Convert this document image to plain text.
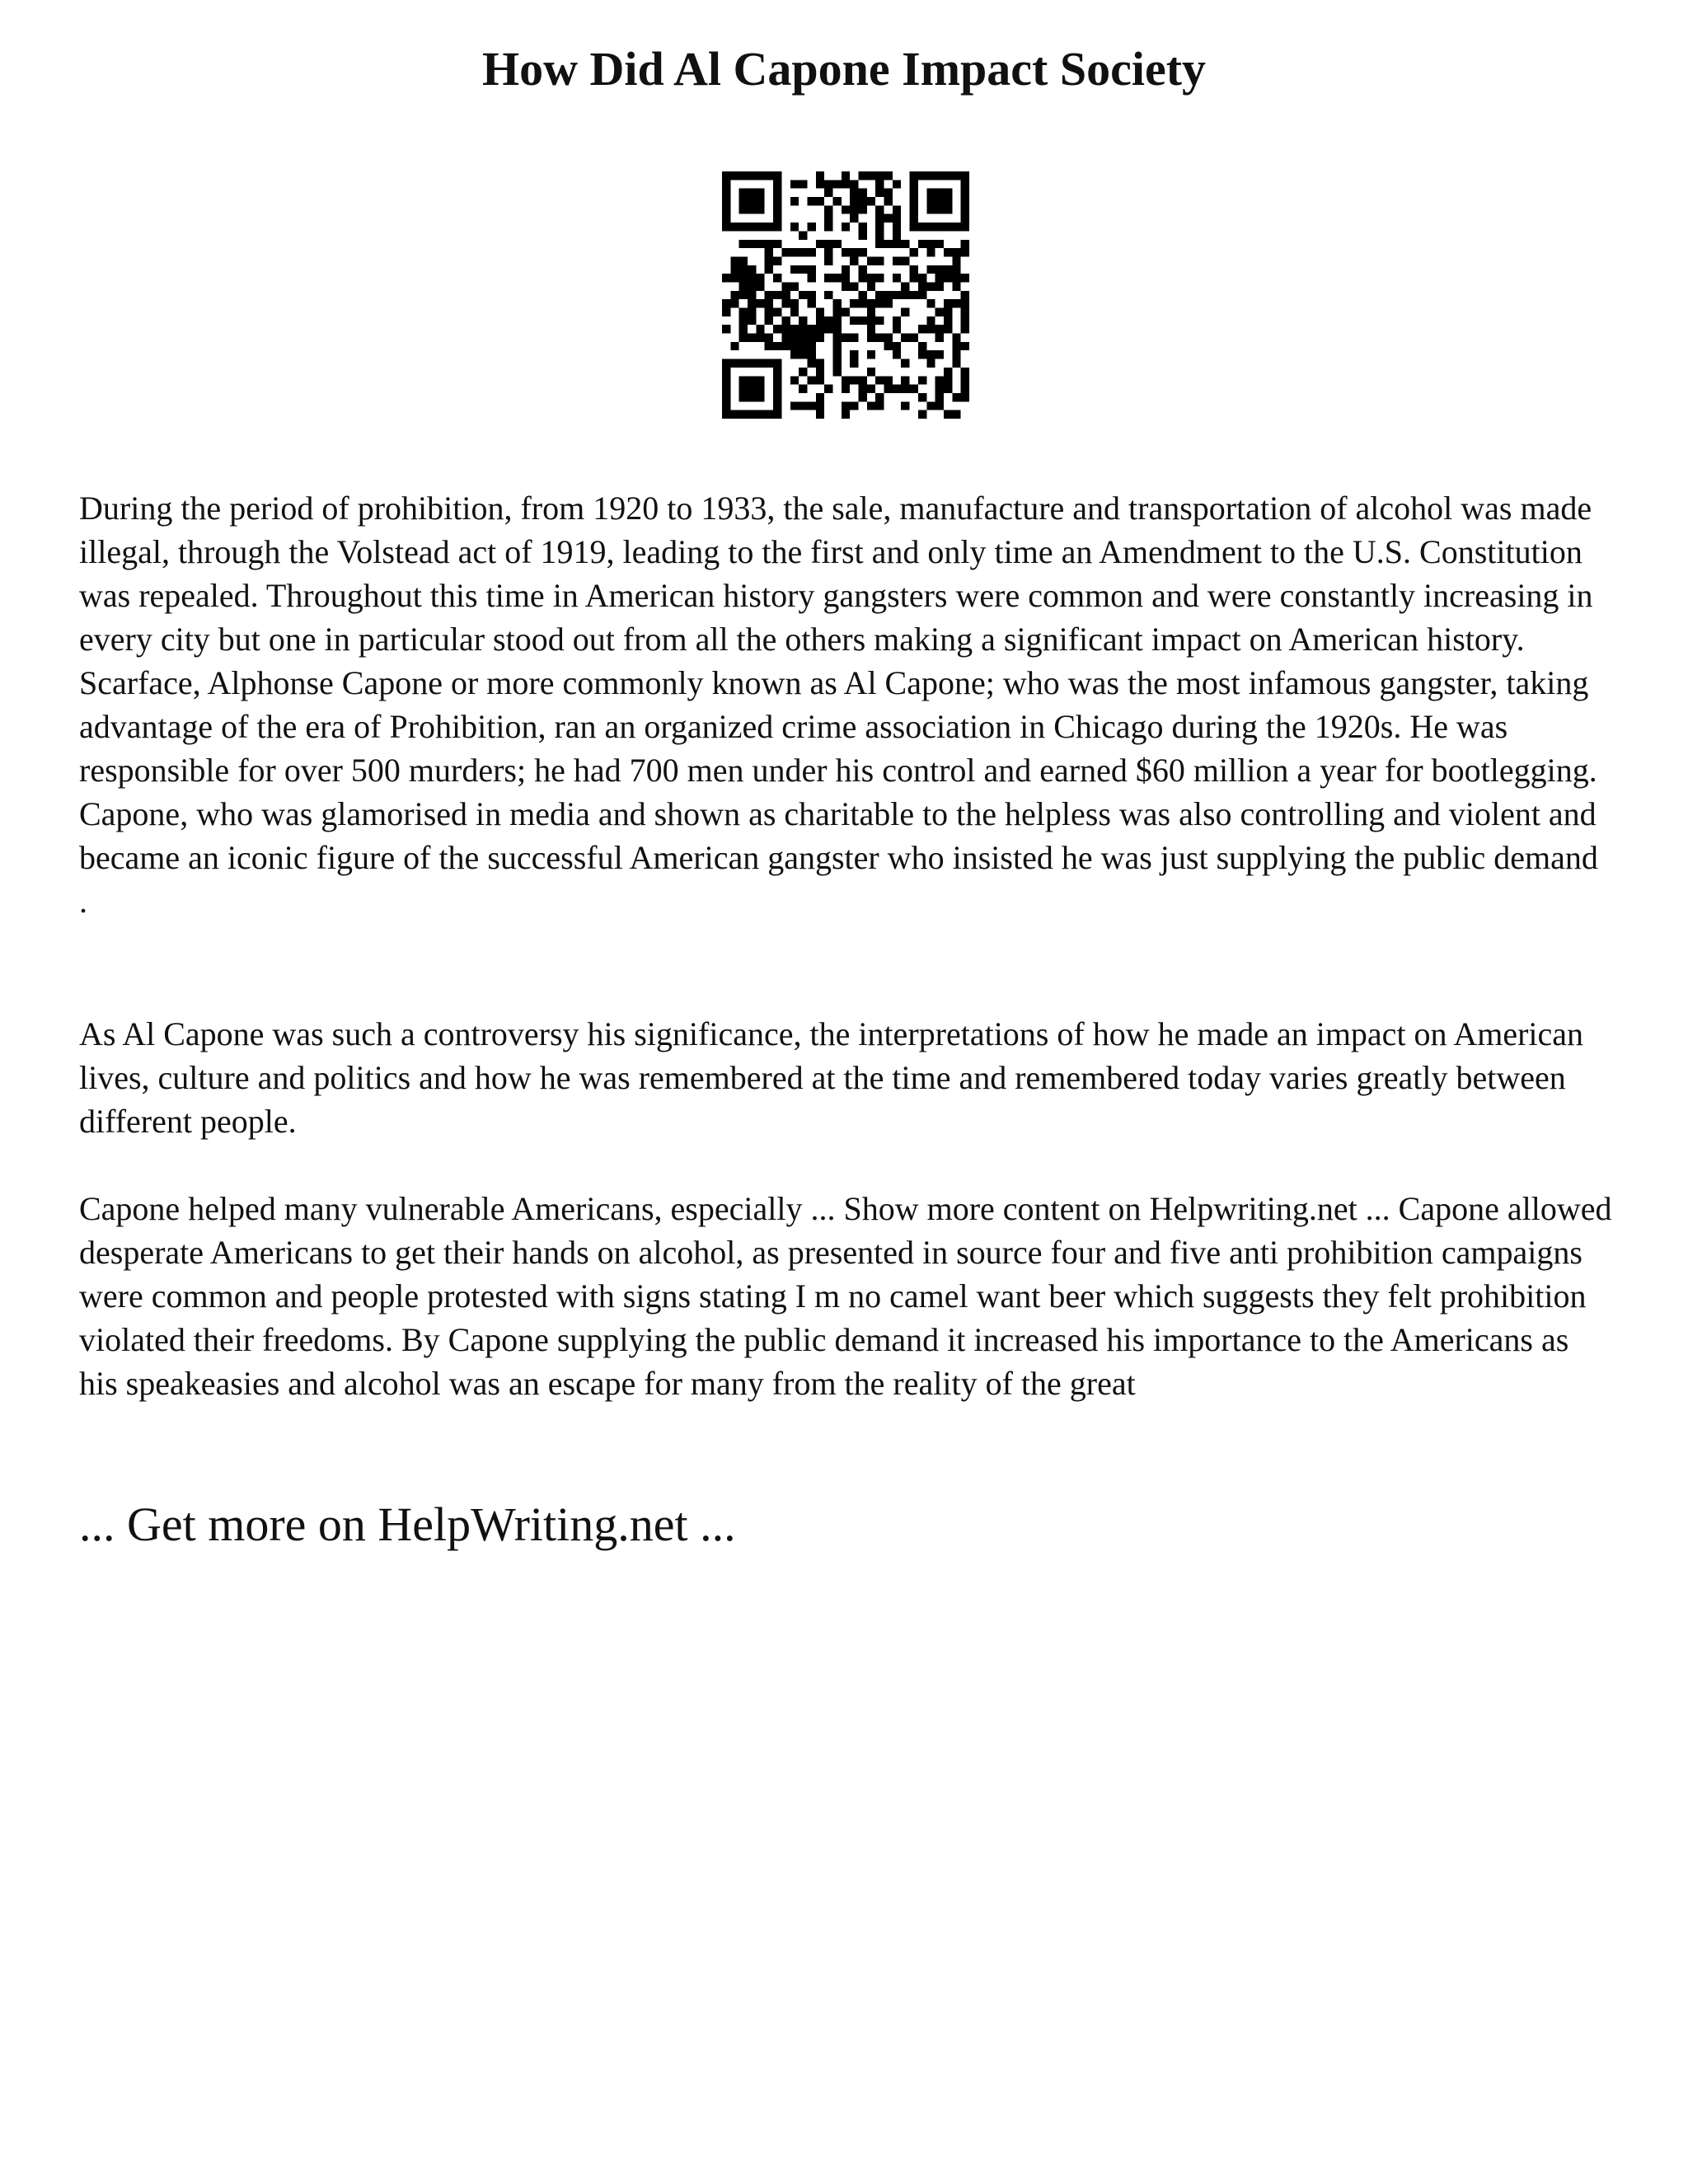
How Did Al Capone Impact Society

During the period of prohibition, from 1920 to 1933, the sale, manufacture and transportation of alcohol was made illegal, through the Volstead act of 1919, leading to the first and only time an Amendment to the U.S. Constitution was repealed. Throughout this time in American history gangsters were common and were constantly increasing in every city but one in particular stood out from all the others making a significant impact on American history. Scarface, Alphonse Capone or more commonly known as Al Capone; who was the most infamous gangster, taking advantage of the era of Prohibition, ran an organized crime association in Chicago during the 1920s. He was responsible for over 500 murders; he had 700 men under his control and earned $60 million a year for bootlegging. Capone, who was glamorised in media and shown as charitable to the helpless was also controlling and violent and became an iconic figure of the successful American gangster who insisted he was just supplying the public demand .

As Al Capone was such a controversy his significance, the interpretations of how he made an impact on American lives, culture and politics and how he was remembered at the time and remembered today varies greatly between different people.

Capone helped many vulnerable Americans, especially ... Show more content on Helpwriting.net ... Capone allowed desperate Americans to get their hands on alcohol, as presented in source four and five anti prohibition campaigns were common and people protested with signs stating I m no camel want beer which suggests they felt prohibition violated their freedoms. By Capone supplying the public demand it increased his importance to the Americans as his speakeasies and alcohol was an escape for many from the reality of the great

... Get more on HelpWriting.net ...
